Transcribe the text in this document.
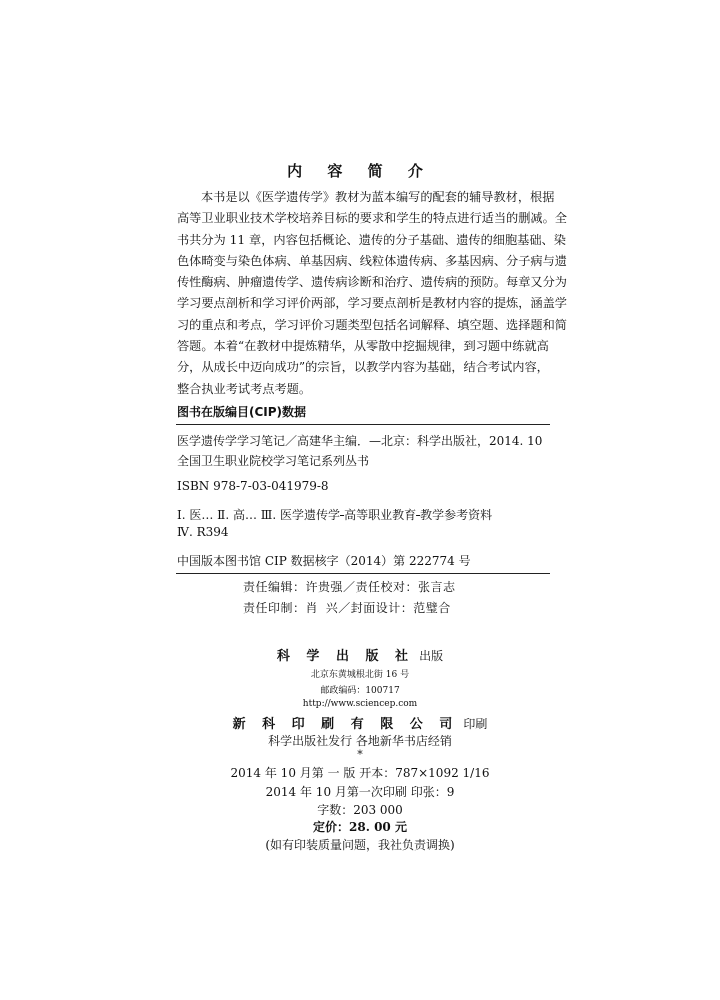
内 容 简 介
本书是以《医学遗传学》教材为蓝本编写的配套的辅导教材，根据
高等卫业职业技术学校培养目标的要求和学生的特点进行适当的删减。全
书共分为 11 章，内容包括概论、遗传的分子基础、遗传的细胞基础、染
色体畸变与染色体病、单基因病、线粒体遗传病、多基因病、分子病与遗
传性酶病、肿瘤遗传学、遗传病诊断和治疗、遗传病的预防。每章又分为
学习要点剖析和学习评价两部，学习要点剖析是教材内容的提炼，涵盖学
习的重点和考点，学习评价习题类型包括名词解释、填空题、选择题和简
答题。本着“在教材中提炼精华，从零散中挖掘规律，到习题中练就高
分，从成长中迈向成功”的宗旨，以教学内容为基础，结合考试内容，
整合执业考试考点考题。
图书在版编目(CIP)数据
医学遗传学学习笔记／高建华主编．—北京：科学出版社，2014. 10
全国卫生职业院校学习笔记系列丛书
ISBN 978-7-03-041979-8
Ⅰ. 医… Ⅱ. 高… Ⅲ. 医学遗传学-高等职业教育-教学参考资料
Ⅳ. R394
中国版本图书馆 CIP 数据核字（2014）第 222774 号
责任编辑：许贵强／责任校对：张言志
责任印制：肖 兴／封面设计：范璧合
科 学 出 版 社 出版
北京东黄城根北街 16 号
邮政编码：100717
http://www.sciencep.com
新 科 印 刷 有 限 公 司 印刷
科学出版社发行 各地新华书店经销
*
2014 年 10 月第 一 版 开本：787×1092 1/16
2014 年 10 月第一次印刷 印张：9
字数：203 000
定价：28. 00 元
(如有印装质量问题，我社负责调换)
